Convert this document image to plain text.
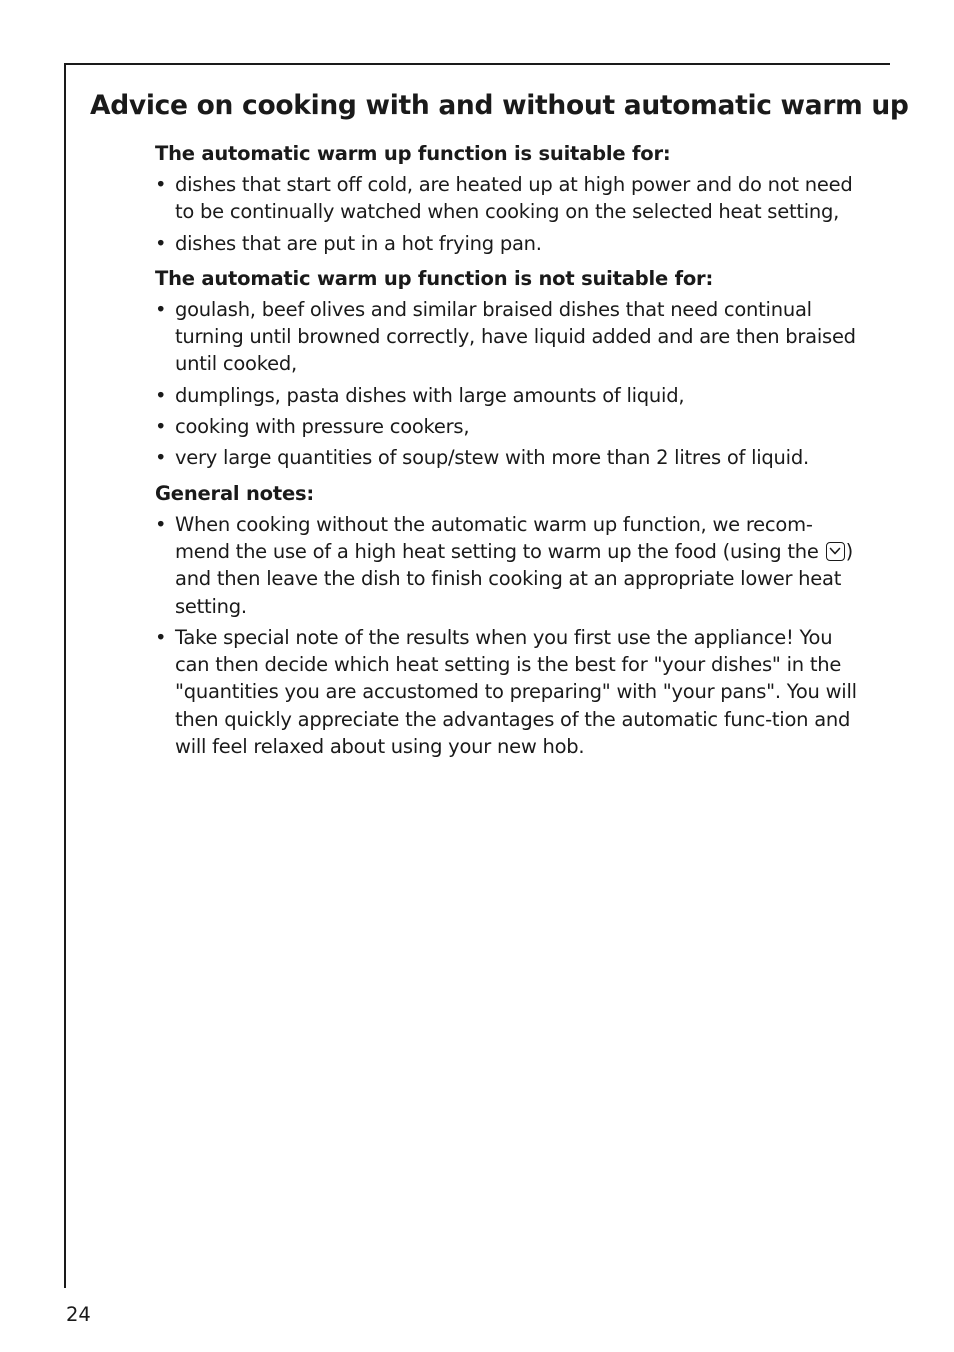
Advice on cooking with and without automatic warm up
The automatic warm up function is suitable for:
• dishes that start off cold, are heated up at high power and do not need to be continually watched when cooking on the selected heat setting,
• dishes that are put in a hot frying pan.
The automatic warm up function is not suitable for:
• goulash, beef olives and similar braised dishes that need continual turning until browned correctly, have liquid added and are then braised until cooked,
• dumplings, pasta dishes with large amounts of liquid,
• cooking with pressure cookers,
• very large quantities of soup/stew with more than 2 litres of liquid.
General notes:
• When cooking without the automatic warm up function, we recom-mend the use of a high heat setting to warm up the food (using the ) and then leave the dish to finish cooking at an appropriate lower heat setting.
• Take special note of the results when you first use the appliance! You can then decide which heat setting is the best for "your dishes" in the "quantities you are accustomed to preparing" with "your pans". You will then quickly appreciate the advantages of the automatic func-tion and will feel relaxed about using your new hob.
24
